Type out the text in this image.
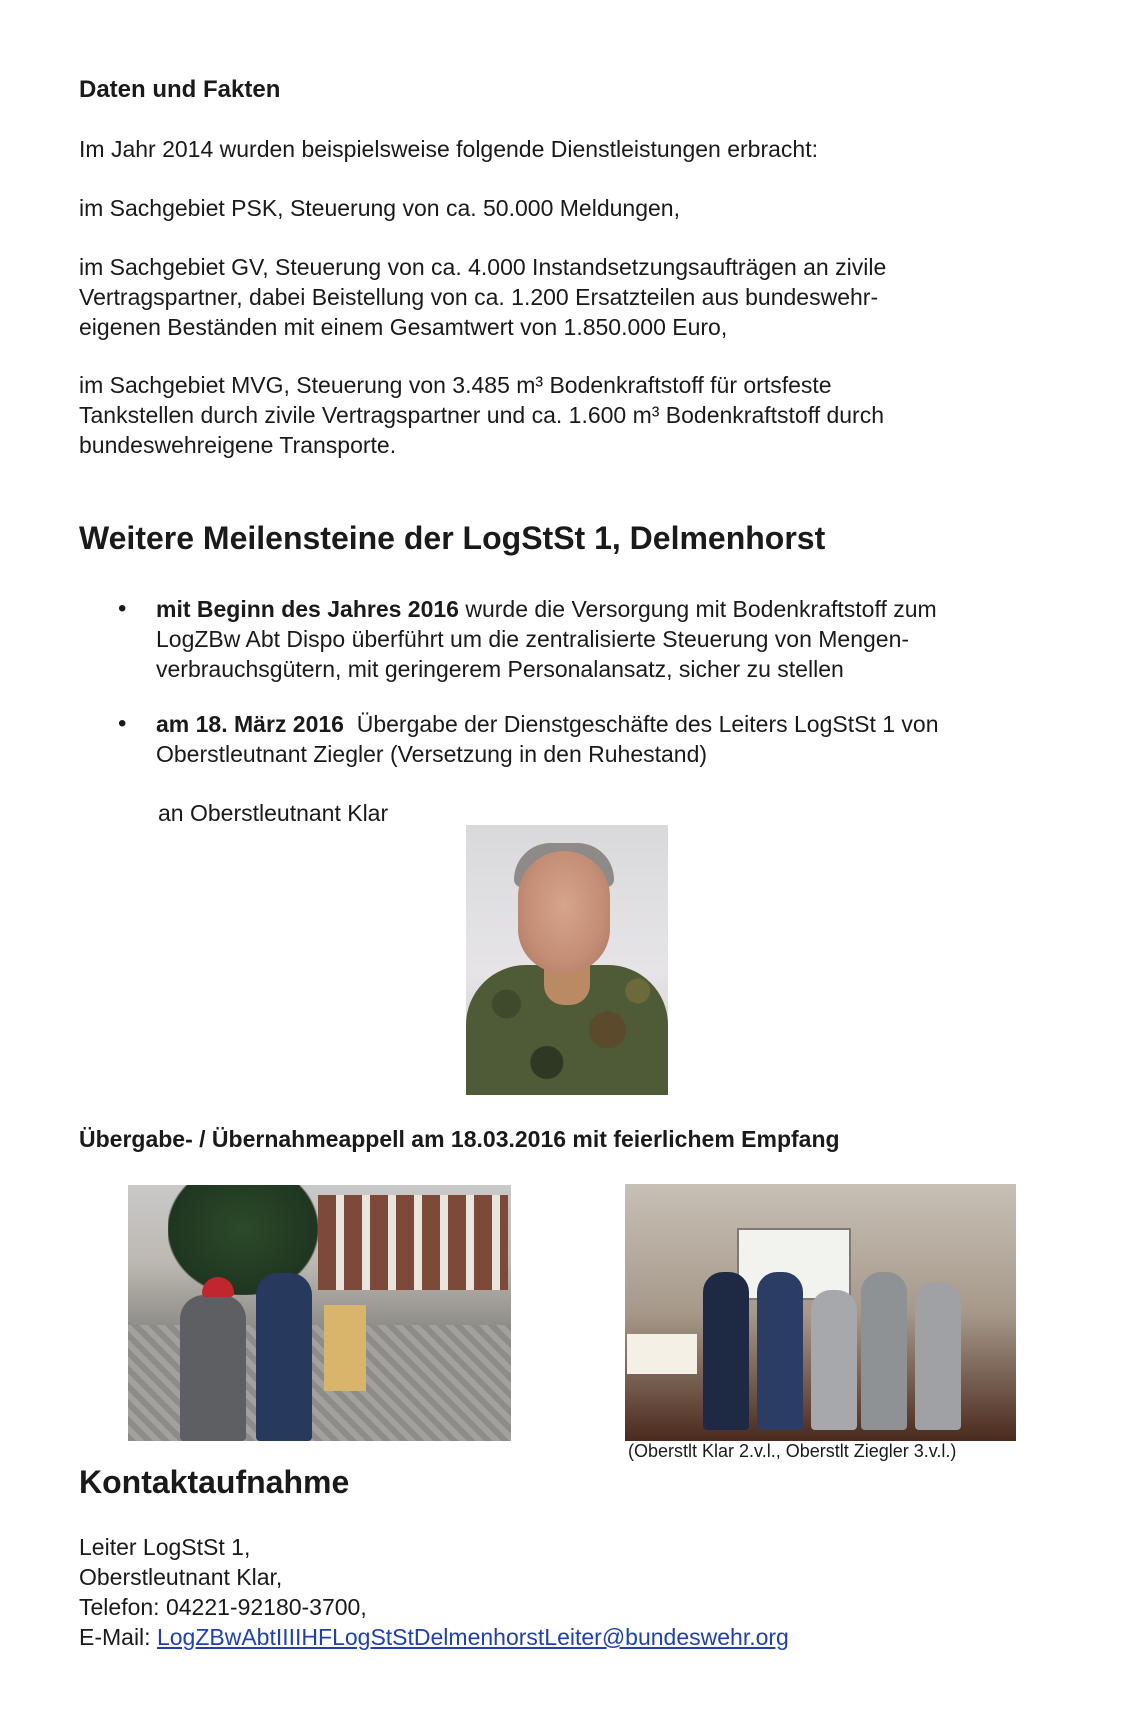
Daten und Fakten

Im Jahr 2014 wurden beispielsweise folgende Dienstleistungen erbracht:

im Sachgebiet PSK, Steuerung von ca. 50.000 Meldungen,

im Sachgebiet GV, Steuerung von ca. 4.000 Instandsetzungsaufträgen an zivile

Vertragspartner, dabei Beistellung von ca. 1.200 Ersatzteilen aus bundeswehr-

eigenen Beständen mit einem Gesamtwert von 1.850.000 Euro,

im Sachgebiet MVG, Steuerung von 3.485 m³ Bodenkraftstoff für ortsfeste

Tankstellen durch zivile Vertragspartner und ca. 1.600 m³ Bodenkraftstoff durch

bundeswehreigene Transporte.

Weitere Meilensteine der LogStSt 1, Delmenhorst
• mit Beginn des Jahres 2016 wurde die Versorgung mit Bodenkraftstoff zum

LogZBw Abt Dispo überführt um die zentralisierte Steuerung von Mengen-

verbrauchsgütern, mit geringerem Personalansatz, sicher zu stellen

• am 18. März 2016  Übergabe der Dienstgeschäfte des Leiters LogStSt 1 von

Oberstleutnant Ziegler (Versetzung in den Ruhestand)

an Oberstleutnant Klar

Übergabe- / Übernahmeappell am 18.03.2016 mit feierlichem Empfang
(Oberstlt Klar 2.v.l., Oberstlt Ziegler 3.v.l.)
Kontaktaufnahme

Leiter LogStSt 1,

Oberstleutnant Klar,

Telefon: 04221-92180-3700,

E-Mail: LogZBwAbtIIIIHFLogStStDelmenhorstLeiter@bundeswehr.org
